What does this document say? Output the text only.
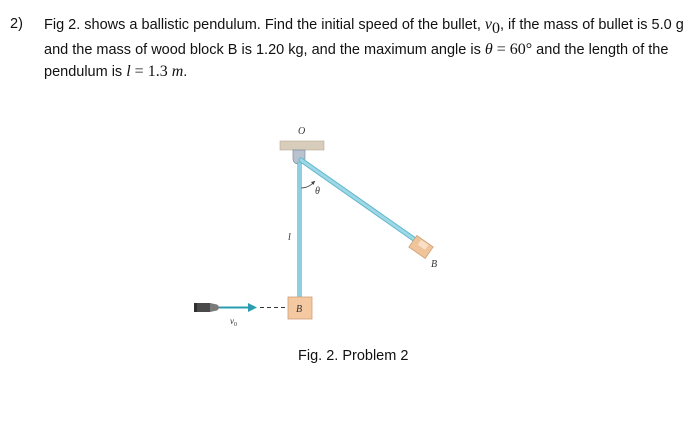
2) Fig 2. shows a ballistic pendulum. Find the initial speed of the bullet, $v_0$, if the mass of bullet is 5.0 g and the mass of wood block B is 1.20 kg, and the maximum angle is θ = 60° and the length of the pendulum is l = 1.3 m.
O
θ
l
B
B
$v_0$
Fig. 2. Problem 2
